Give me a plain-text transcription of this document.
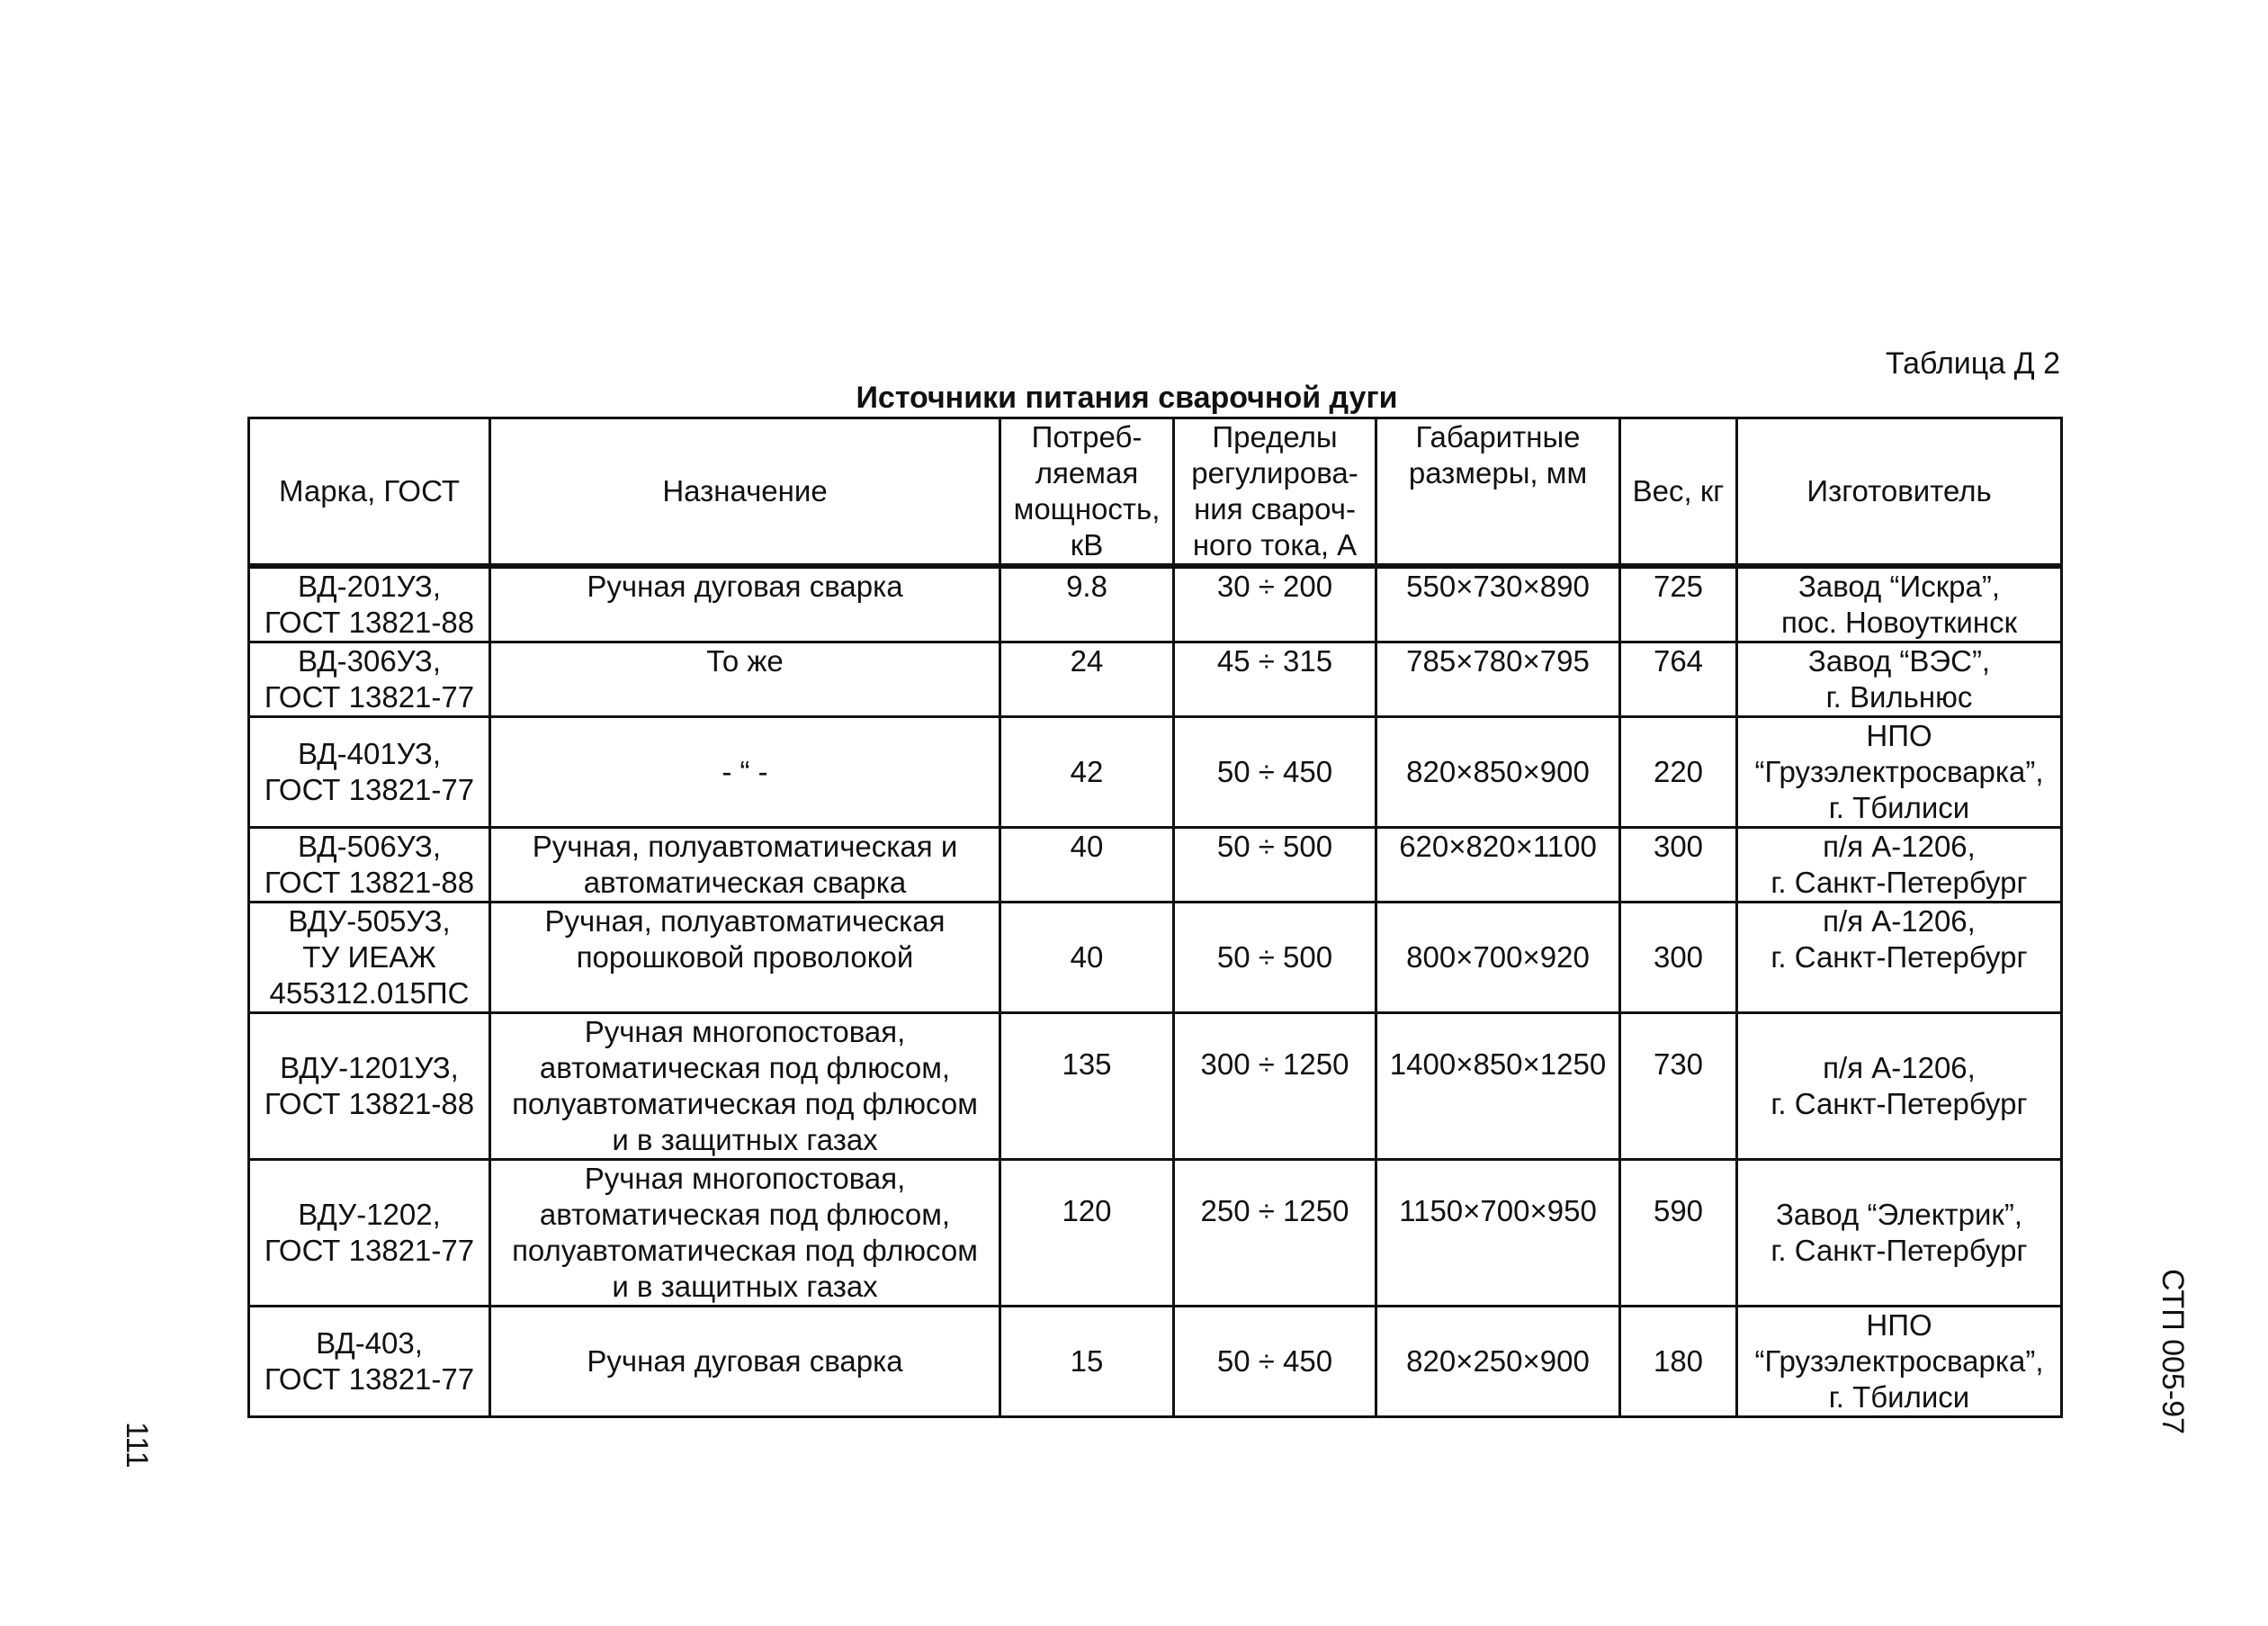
Таблица Д 2
Источники питания сварочной дуги
Марка, ГОСТ	Назначение	Потреб-
ляемая
мощность,
кВ	Пределы
регулирова-
ния свароч-
ного тока, А	Габаритные
размеры, мм	Вес, кг	Изготовитель

ВД-201УЗ,
ГОСТ 13821-88	Ручная дуговая сварка	9.8	30 ÷ 200	550×730×890	725	Завод “Искра”,
пос. Новоуткинск

ВД-306УЗ,
ГОСТ 13821-77	То же	24	45 ÷ 315	785×780×795	764	Завод “ВЭС”,
г. Вильнюс

ВД-401УЗ,
ГОСТ 13821-77	- “ -	42	50 ÷ 450	820×850×900	220	НПО
“Грузэлектросварка”,
г. Тбилиси

ВД-506УЗ,
ГОСТ 13821-88	Ручная, полуавтоматическая и
автоматическая сварка	40	50 ÷ 500	620×820×1100	300	п/я А-1206,
г. Санкт-Петербург

ВДУ-505УЗ,
ТУ ИЕАЖ
455312.015ПС	Ручная, полуавтоматическая
порошковой проволокой	40	50 ÷ 500	800×700×920	300	п/я А-1206,
г. Санкт-Петербург

ВДУ-1201УЗ,
ГОСТ 13821-88	Ручная многопостовая,
автоматическая под флюсом,
полуавтоматическая под флюсом
и в защитных газах	135	300 ÷ 1250	1400×850×1250	730	п/я А-1206,
г. Санкт-Петербург

ВДУ-1202,
ГОСТ 13821-77	Ручная многопостовая,
автоматическая под флюсом,
полуавтоматическая под флюсом
и в защитных газах	120	250 ÷ 1250	1150×700×950	590	Завод “Электрик”,
г. Санкт-Петербург

ВД-403,
ГОСТ 13821-77	Ручная дуговая сварка	15	50 ÷ 450	820×250×900	180	НПО
“Грузэлектросварка”,
г. Тбилиси	СТП 005-97
111
